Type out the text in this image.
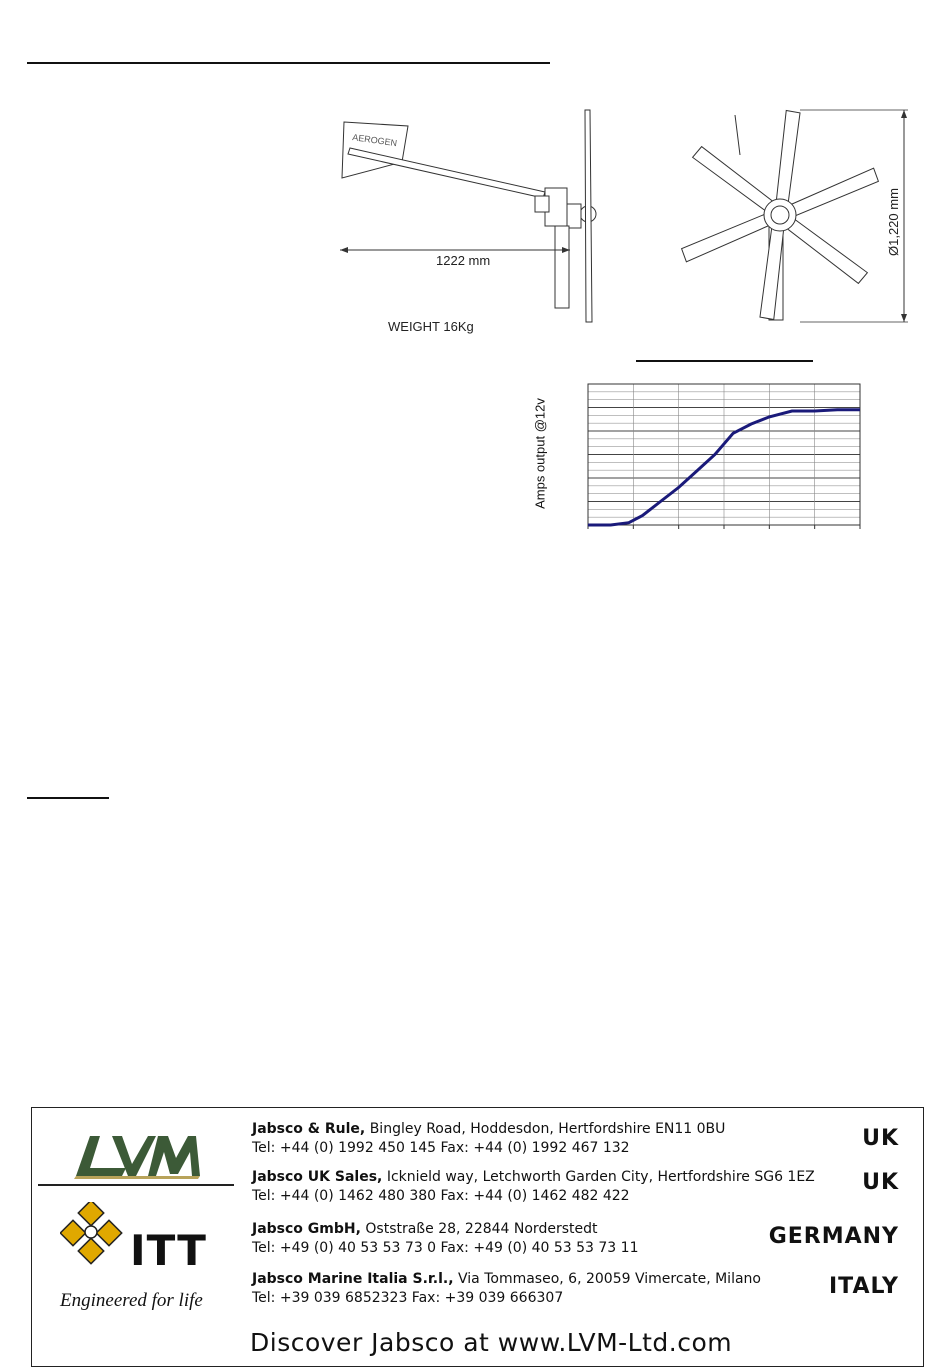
AEROGEN
1222 mm
WEIGHT 16Kg
Ø1,220 mm
Amps output @12v
ITT
Engineered for life
Jabsco & Rule, Bingley Road, Hoddesdon, Hertfordshire EN11 0BU
Tel: +44 (0) 1992 450 145 Fax: +44 (0) 1992 467 132	UK
Jabsco UK Sales, Icknield way, Letchworth Garden City, Hertfordshire SG6 1EZ
Tel: +44 (0) 1462 480 380 Fax: +44 (0) 1462 482 422
UK
Jabsco GmbH, Oststraße 28, 22844 Norderstedt
Tel: +49 (0) 40 53 53 73 0 Fax: +49 (0) 40 53 53 73 11	GERMANY
Jabsco Marine Italia S.r.l., Via Tommaseo, 6, 20059 Vimercate, Milano
Tel: +39 039 6852323 Fax: +39 039 666307	ITALY
Discover Jabsco at www.LVM-Ltd.com
